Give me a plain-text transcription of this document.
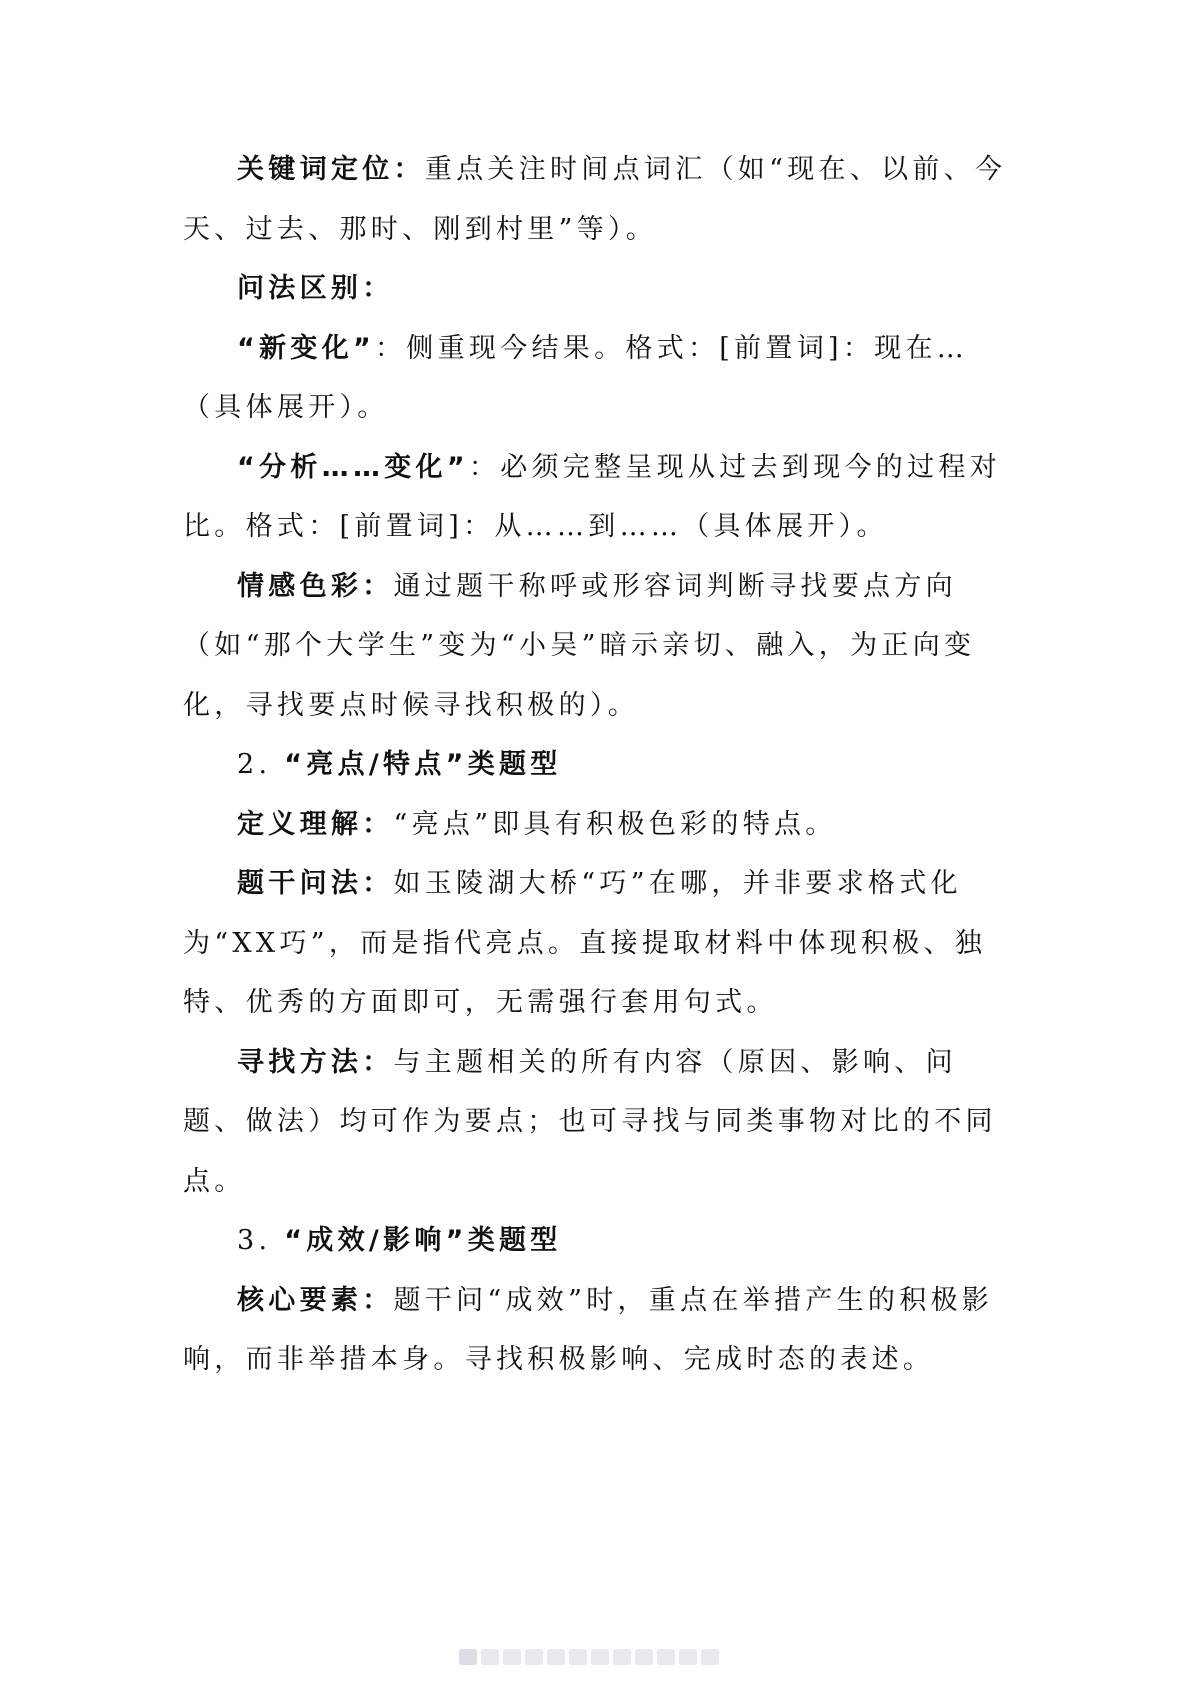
关键词定位：重点关注时间点词汇（如“现在、以前、今天、过去、那时、刚到村里”等）。

问法区别：

“新变化”：侧重现今结果。格式：[前置词]：现在…（具体展开）。

“分析……变化”：必须完整呈现从过去到现今的过程对比。格式：[前置词]：从……到……（具体展开）。

情感色彩：通过题干称呼或形容词判断寻找要点方向（如“那个大学生”变为“小吴”暗示亲切、融入，为正向变化，寻找要点时候寻找积极的）。

2. “亮点/特点”类题型

定义理解：“亮点”即具有积极色彩的特点。

题干问法：如玉陵湖大桥“巧”在哪，并非要求格式化为“XX巧”，而是指代亮点。直接提取材料中体现积极、独特、优秀的方面即可，无需强行套用句式。

寻找方法：与主题相关的所有内容（原因、影响、问题、做法）均可作为要点；也可寻找与同类事物对比的不同点。

3. “成效/影响”类题型

核心要素：题干问“成效”时，重点在举措产生的积极影响，而非举措本身。寻找积极影响、完成时态的表述。
